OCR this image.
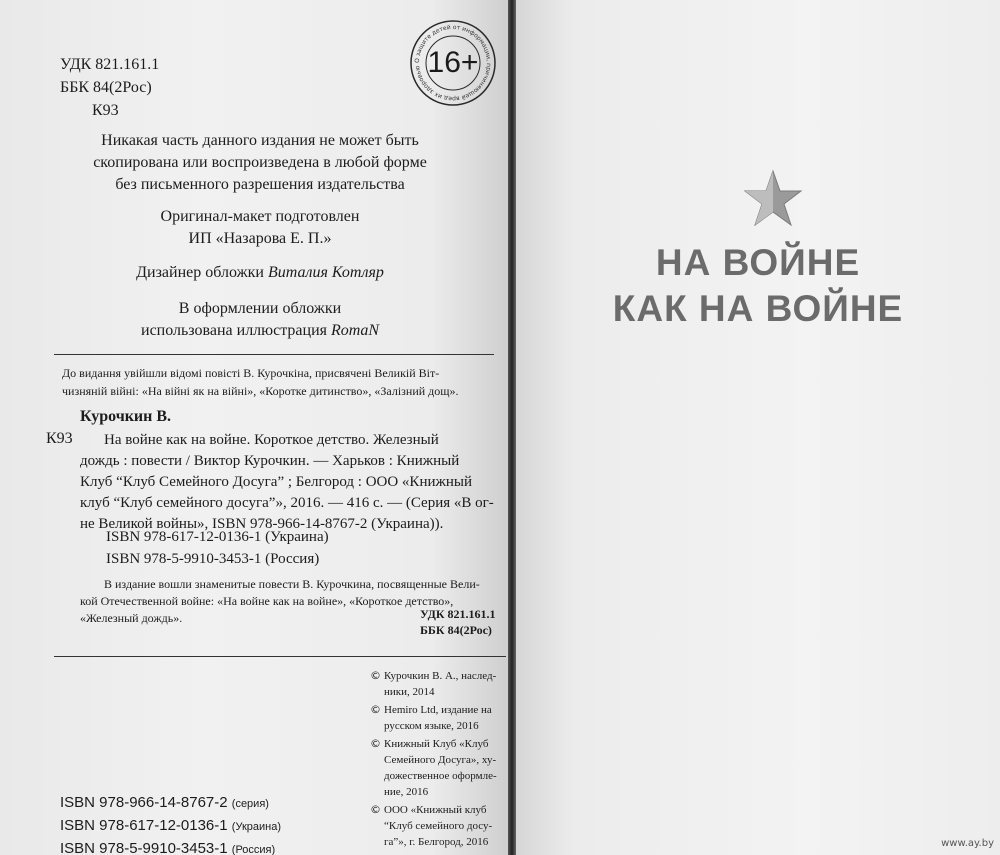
УДК 821.161.1
ББК 84(2Рос)
К93
О защите детей от информации, причиняющей вред их здоровью 16+
Никакая часть данного издания не может быть
скопирована или воспроизведена в любой форме
без письменного разрешения издательства
Оригинал-макет подготовлен
ИП «Назарова Е. П.»
Дизайнер обложки Виталия Котляр
В оформлении обложки
использована иллюстрация RomaN
До видання увійшли відомі повісті В. Курочкіна, присвячені Великій Віт-
чизняній війні: «На війні як на війні», «Коротке дитинство», «Залізний дощ».
Курочкин В.
К93	На войне как на войне. Короткое детство. Железный
дождь : повести / Виктор Курочкин. — Харьков : Книжный
Клуб “Клуб Семейного Досуга” ; Белгород : ООО «Книжный
клуб “Клуб семейного досуга”», 2016. — 416 с. — (Серия «В ог-
не Великой войны», ISBN 978-966-14-8767-2 (Украина)).
ISBN 978-617-12-0136-1 (Украина)
ISBN 978-5-9910-3453-1 (Россия)
В издание вошли знаменитые повести В. Курочкина, посвященные Вели-
кой Отечественной войне: «На войне как на войне», «Короткое детство»,
«Железный дождь».	УДК 821.161.1
ББК 84(2Рос)
© Курочкин В. А., наслед-
ники, 2014
© Hemiro Ltd, издание на
русском языке, 2016
© Книжный Клуб «Клуб
Семейного Досуга», ху-
дожественное оформле-
ние, 2016
© ООО «Книжный клуб
“Клуб семейного досу-
га”», г. Белгород, 2016
ISBN 978-966-14-8767-2 (серия)
ISBN 978-617-12-0136-1 (Украина)
ISBN 978-5-9910-3453-1 (Россия)
НА ВОЙНЕ
КАК НА ВОЙНЕ
www.ay.by
